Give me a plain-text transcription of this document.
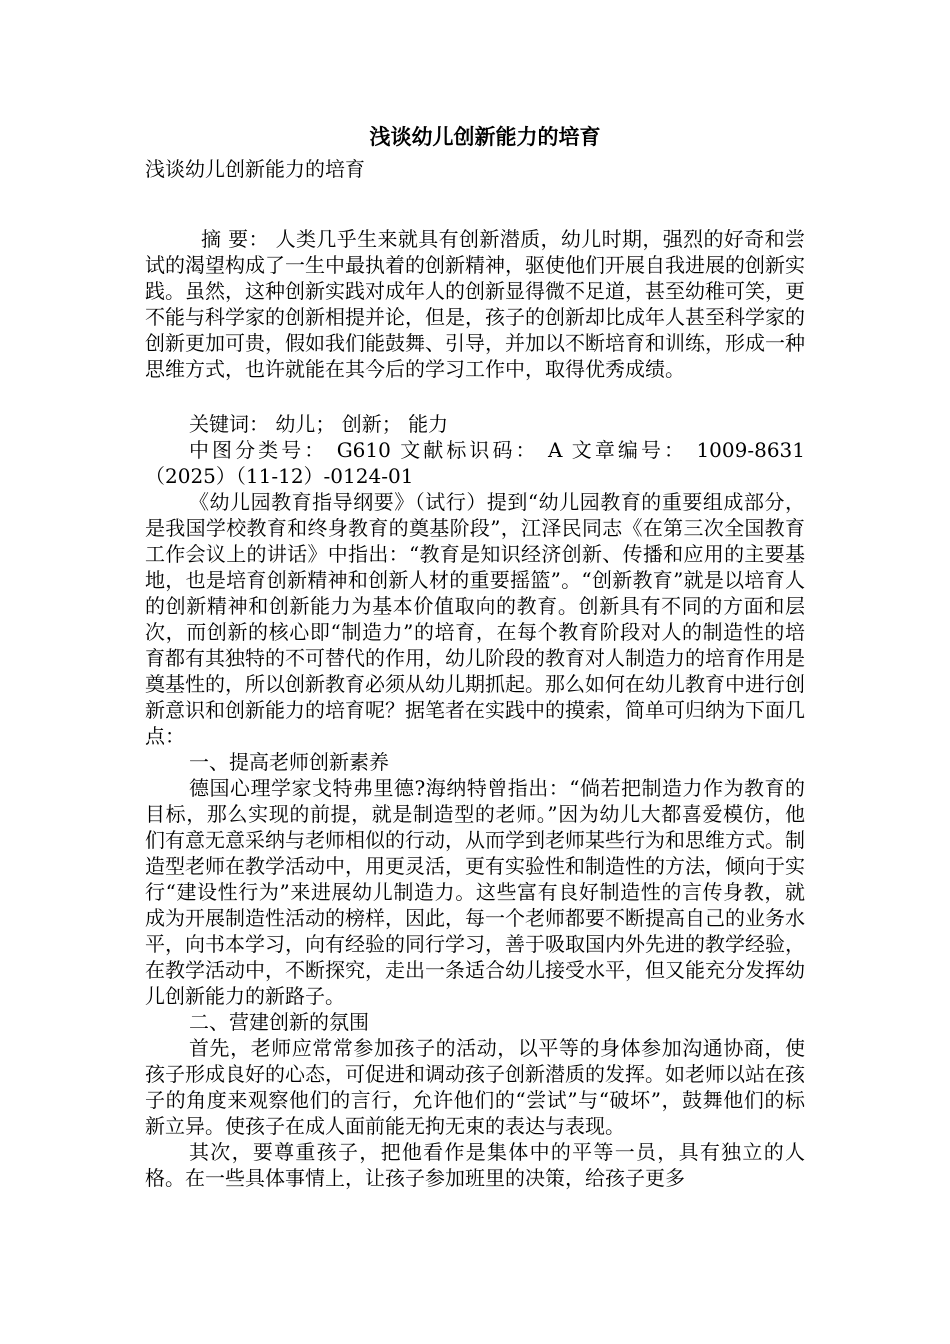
浅谈幼儿创新能力的培育

浅谈幼儿创新能力的培育

摘 要： 人类几乎生来就具有创新潜质，幼儿时期，强烈的好奇和尝试的渴望构成了一生中最执着的创新精神，驱使他们开展自我进展的创新实践。虽然，这种创新实践对成年人的创新显得微不足道，甚至幼稚可笑，更不能与科学家的创新相提并论，但是，孩子的创新却比成年人甚至科学家的创新更加可贵，假如我们能鼓舞、引导，并加以不断培育和训练，形成一种思维方式，也许就能在其今后的学习工作中，取得优秀成绩。

关键词： 幼儿； 创新； 能力

中图分类号： G610 文献标识码： A 文章编号： 1009-8631（2025）（11-12）-0124-01

《幼儿园教育指导纲要》（试行）提到“幼儿园教育的重要组成部分，是我国学校教育和终身教育的奠基阶段”，江泽民同志《在第三次全国教育工作会议上的讲话》中指出：“教育是知识经济创新、传播和应用的主要基地，也是培育创新精神和创新人材的重要摇篮”。“创新教育”就是以培育人的创新精神和创新能力为基本价值取向的教育。创新具有不同的方面和层次，而创新的核心即“制造力”的培育，在每个教育阶段对人的制造性的培育都有其独特的不可替代的作用，幼儿阶段的教育对人制造力的培育作用是奠基性的，所以创新教育必须从幼儿期抓起。那么如何在幼儿教育中进行创新意识和创新能力的培育呢？据笔者在实践中的摸索，简单可归纳为下面几点：

一、提高老师创新素养

德国心理学家戈特弗里德?海纳特曾指出：“倘若把制造力作为教育的目标，那么实现的前提，就是制造型的老师。”因为幼儿大都喜爱模仿，他们有意无意采纳与老师相似的行动，从而学到老师某些行为和思维方式。制造型老师在教学活动中，用更灵活，更有实验性和制造性的方法，倾向于实行“建设性行为”来进展幼儿制造力。这些富有良好制造性的言传身教，就成为开展制造性活动的榜样，因此，每一个老师都要不断提高自己的业务水平，向书本学习，向有经验的同行学习，善于吸取国内外先进的教学经验，在教学活动中，不断探究，走出一条适合幼儿接受水平，但又能充分发挥幼儿创新能力的新路子。

二、营建创新的氛围

首先，老师应常常参加孩子的活动，以平等的身体参加沟通协商，使孩子形成良好的心态，可促进和调动孩子创新潜质的发挥。如老师以站在孩子的角度来观察他们的言行，允许他们的“尝试”与“破坏”，鼓舞他们的标新立异。使孩子在成人面前能无拘无束的表达与表现。

其次，要尊重孩子，把他看作是集体中的平等一员，具有独立的人格。在一些具体事情上，让孩子参加班里的决策，给孩子更多
